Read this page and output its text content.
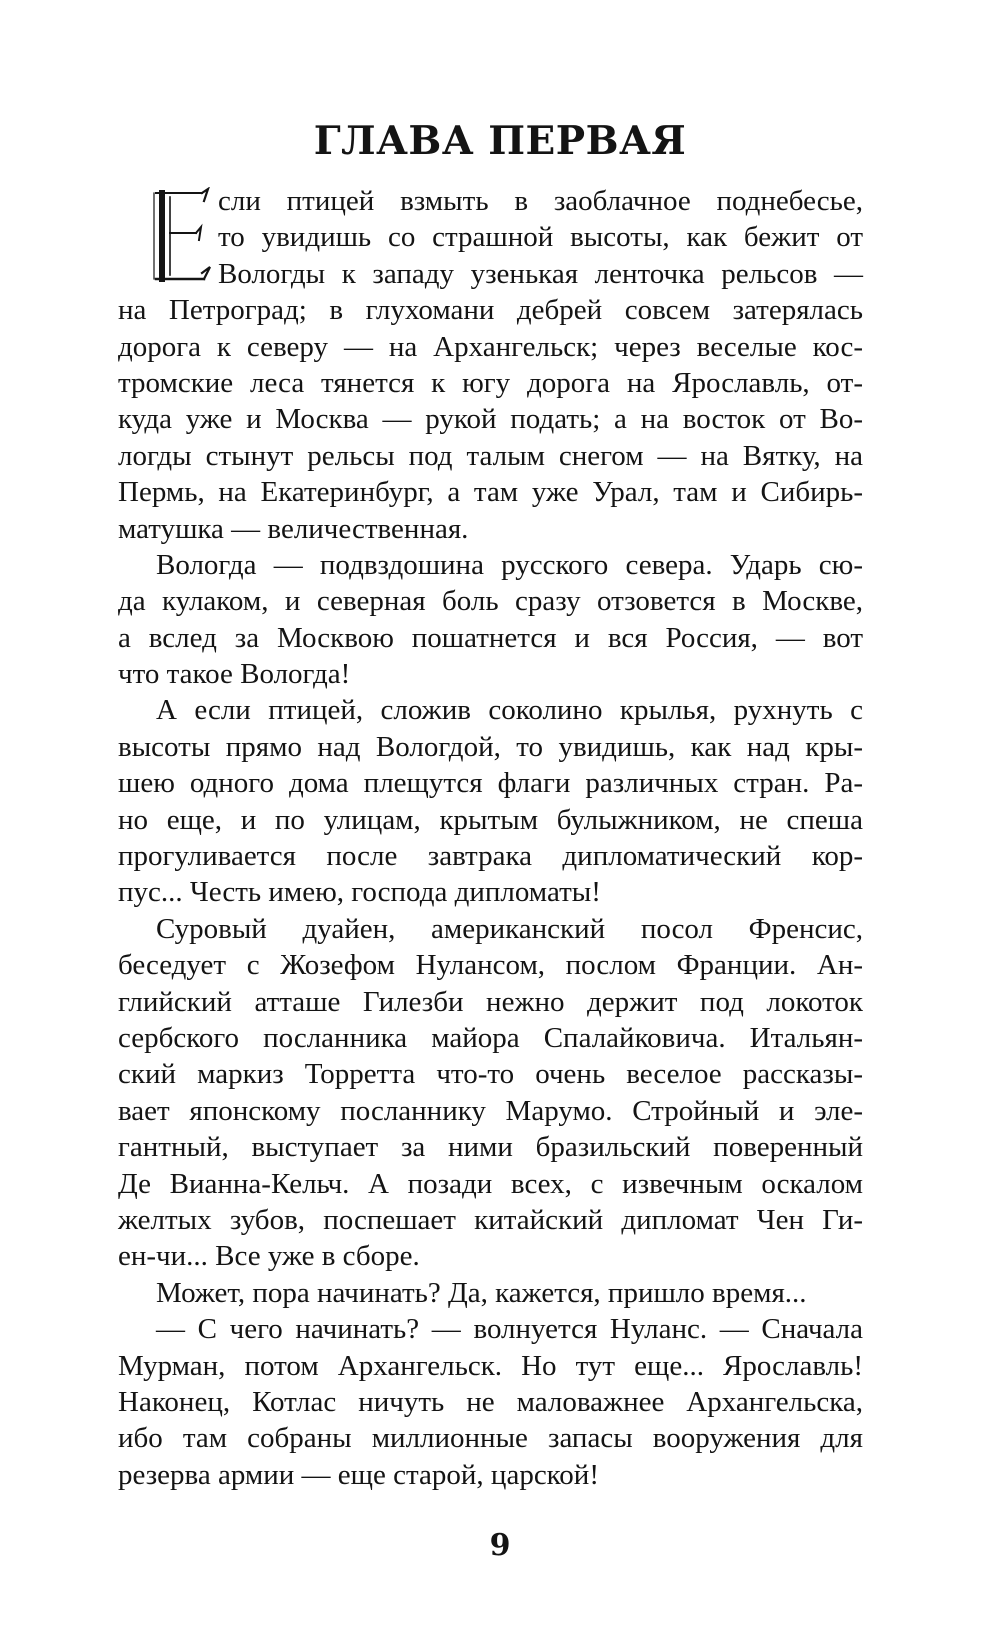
ГЛАВА ПЕРВАЯ
сли птицей взмыть в заоблачное поднебесье,
то увидишь со страшной высоты, как бежит от
Вологды к западу узенькая ленточка рельсов —
на Петроград; в глухомани дебрей совсем затерялась
дорога к северу — на Архангельск; через веселые кос-
тромские леса тянется к югу дорога на Ярославль, от-
куда уже и Москва — рукой подать; а на восток от Во-
логды стынут рельсы под талым снегом — на Вятку, на
Пермь, на Екатеринбург, а там уже Урал, там и Сибирь-
матушка — величественная.
Вологда — подвздошина русского севера. Ударь сю-
да кулаком, и северная боль сразу отзовется в Москве,
а вслед за Москвою пошатнется и вся Россия, — вот
что такое Вологда!
А если птицей, сложив соколино крылья, рухнуть с
высоты прямо над Вологдой, то увидишь, как над кры-
шею одного дома плещутся флаги различных стран. Ра-
но еще, и по улицам, крытым булыжником, не спеша
прогуливается после завтрака дипломатический кор-
пус... Честь имею, господа дипломаты!
Суровый дуайен, американский посол Френсис,
беседует с Жозефом Нулансом, послом Франции. Ан-
глийский атташе Гилезби нежно держит под локоток
сербского посланника майора Спалайковича. Итальян-
ский маркиз Торретта что-то очень веселое рассказы-
вает японскому посланнику Марумо. Стройный и эле-
гантный, выступает за ними бразильский поверенный
Де Вианна-Кельч. А позади всех, с извечным оскалом
желтых зубов, поспешает китайский дипломат Чен Ги-
ен-чи... Все уже в сборе.
Может, пора начинать? Да, кажется, пришло время...
— С чего начинать? — волнуется Нуланс. — Сначала
Мурман, потом Архангельск. Но тут еще... Ярославль!
Наконец, Котлас ничуть не маловажнее Архангельска,
ибо там собраны миллионные запасы вооружения для
резерва армии — еще старой, царской!
9
